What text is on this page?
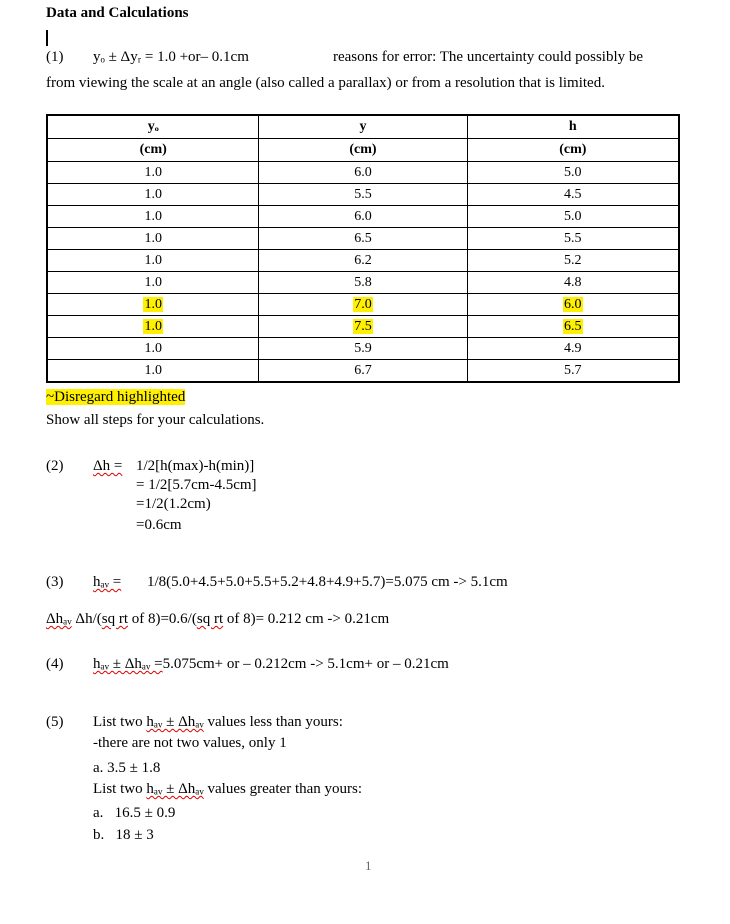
Data and Calculations
(1) yₒ ± Δyᵣ = 1.0 +or– 0.1cm	reasons for error: The uncertainty could possibly be
from viewing the scale at an angle (also called a parallax) or from a resolution that is limited.
yₒ	y	h
(cm)	(cm)	(cm)
1.0	6.0	5.0
1.0	5.5	4.5
1.0	6.0	5.0
1.0	6.5	5.5
1.0	6.2	5.2
1.0	5.8	4.8
1.0	7.0	6.0
1.0	7.5	6.5
1.0	5.9	4.9
1.0	6.7	5.7
~Disregard highlighted
Show all steps for your calculations.
(2) Δh = 1/2[h(max)-h(min)]
= 1/2[5.7cm-4.5cm]
=1/2(1.2cm)
=0.6cm
(3) hₐᵥ = 1/8(5.0+4.5+5.0+5.5+5.2+4.8+4.9+5.7)=5.075 cm -> 5.1cm
Δhₐᵥ Δh/(sq rt of 8)=0.6/(sq rt of 8)= 0.212 cm -> 0.21cm
(4) hₐᵥ ± Δhₐᵥ =5.075cm+ or – 0.212cm -> 5.1cm+ or – 0.21cm
(5) List two hₐᵥ ± Δhₐᵥ values less than yours:
-there are not two values, only 1
a. 3.5 ± 1.8
List two hₐᵥ ± Δhₐᵥ values greater than yours:
a.   16.5 ± 0.9
b.   18 ± 3
1
